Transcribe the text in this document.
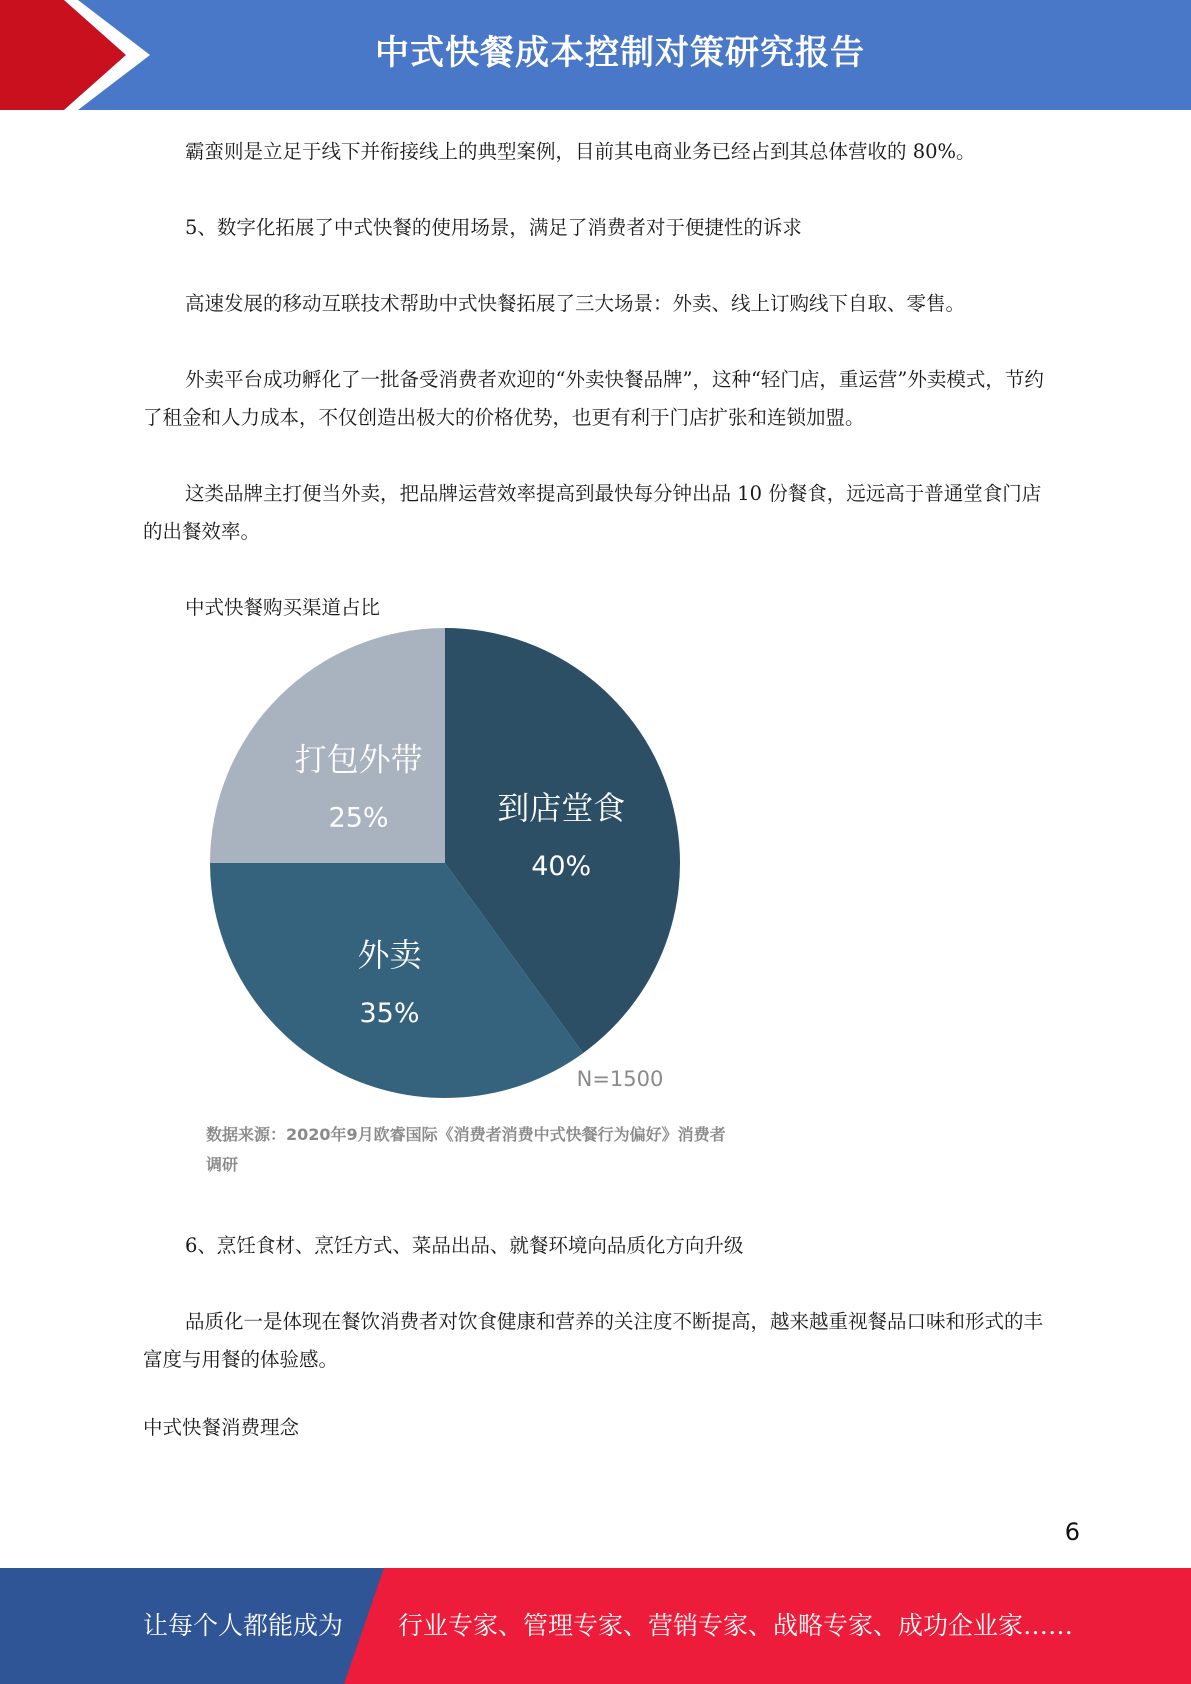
中式快餐成本控制对策研究报告

霸蛮则是立足于线下并衔接线上的典型案例，目前其电商业务已经占到其总体营收的 80%。

5、数字化拓展了中式快餐的使用场景，满足了消费者对于便捷性的诉求

高速发展的移动互联技术帮助中式快餐拓展了三大场景：外卖、线上订购线下自取、零售。

外卖平台成功孵化了一批备受消费者欢迎的“外卖快餐品牌”，这种“轻门店，重运营”外卖模式，节约了租金和人力成本，不仅创造出极大的价格优势，也更有利于门店扩张和连锁加盟。

这类品牌主打便当外卖，把品牌运营效率提高到最快每分钟出品 10 份餐食，远远高于普通堂食门店的出餐效率。

中式快餐购买渠道占比

到店堂食
40%
外卖
35%
打包外带
25%
N=1500
数据来源：2020年9月欧睿国际《消费者消费中式快餐行为偏好》消费者
调研

6、烹饪食材、烹饪方式、菜品出品、就餐环境向品质化方向升级

品质化一是体现在餐饮消费者对饮食健康和营养的关注度不断提高，越来越重视餐品口味和形式的丰富度与用餐的体验感。

中式快餐消费理念

6
让每个人都能成为 行业专家、管理专家、营销专家、战略专家、成功企业家……
